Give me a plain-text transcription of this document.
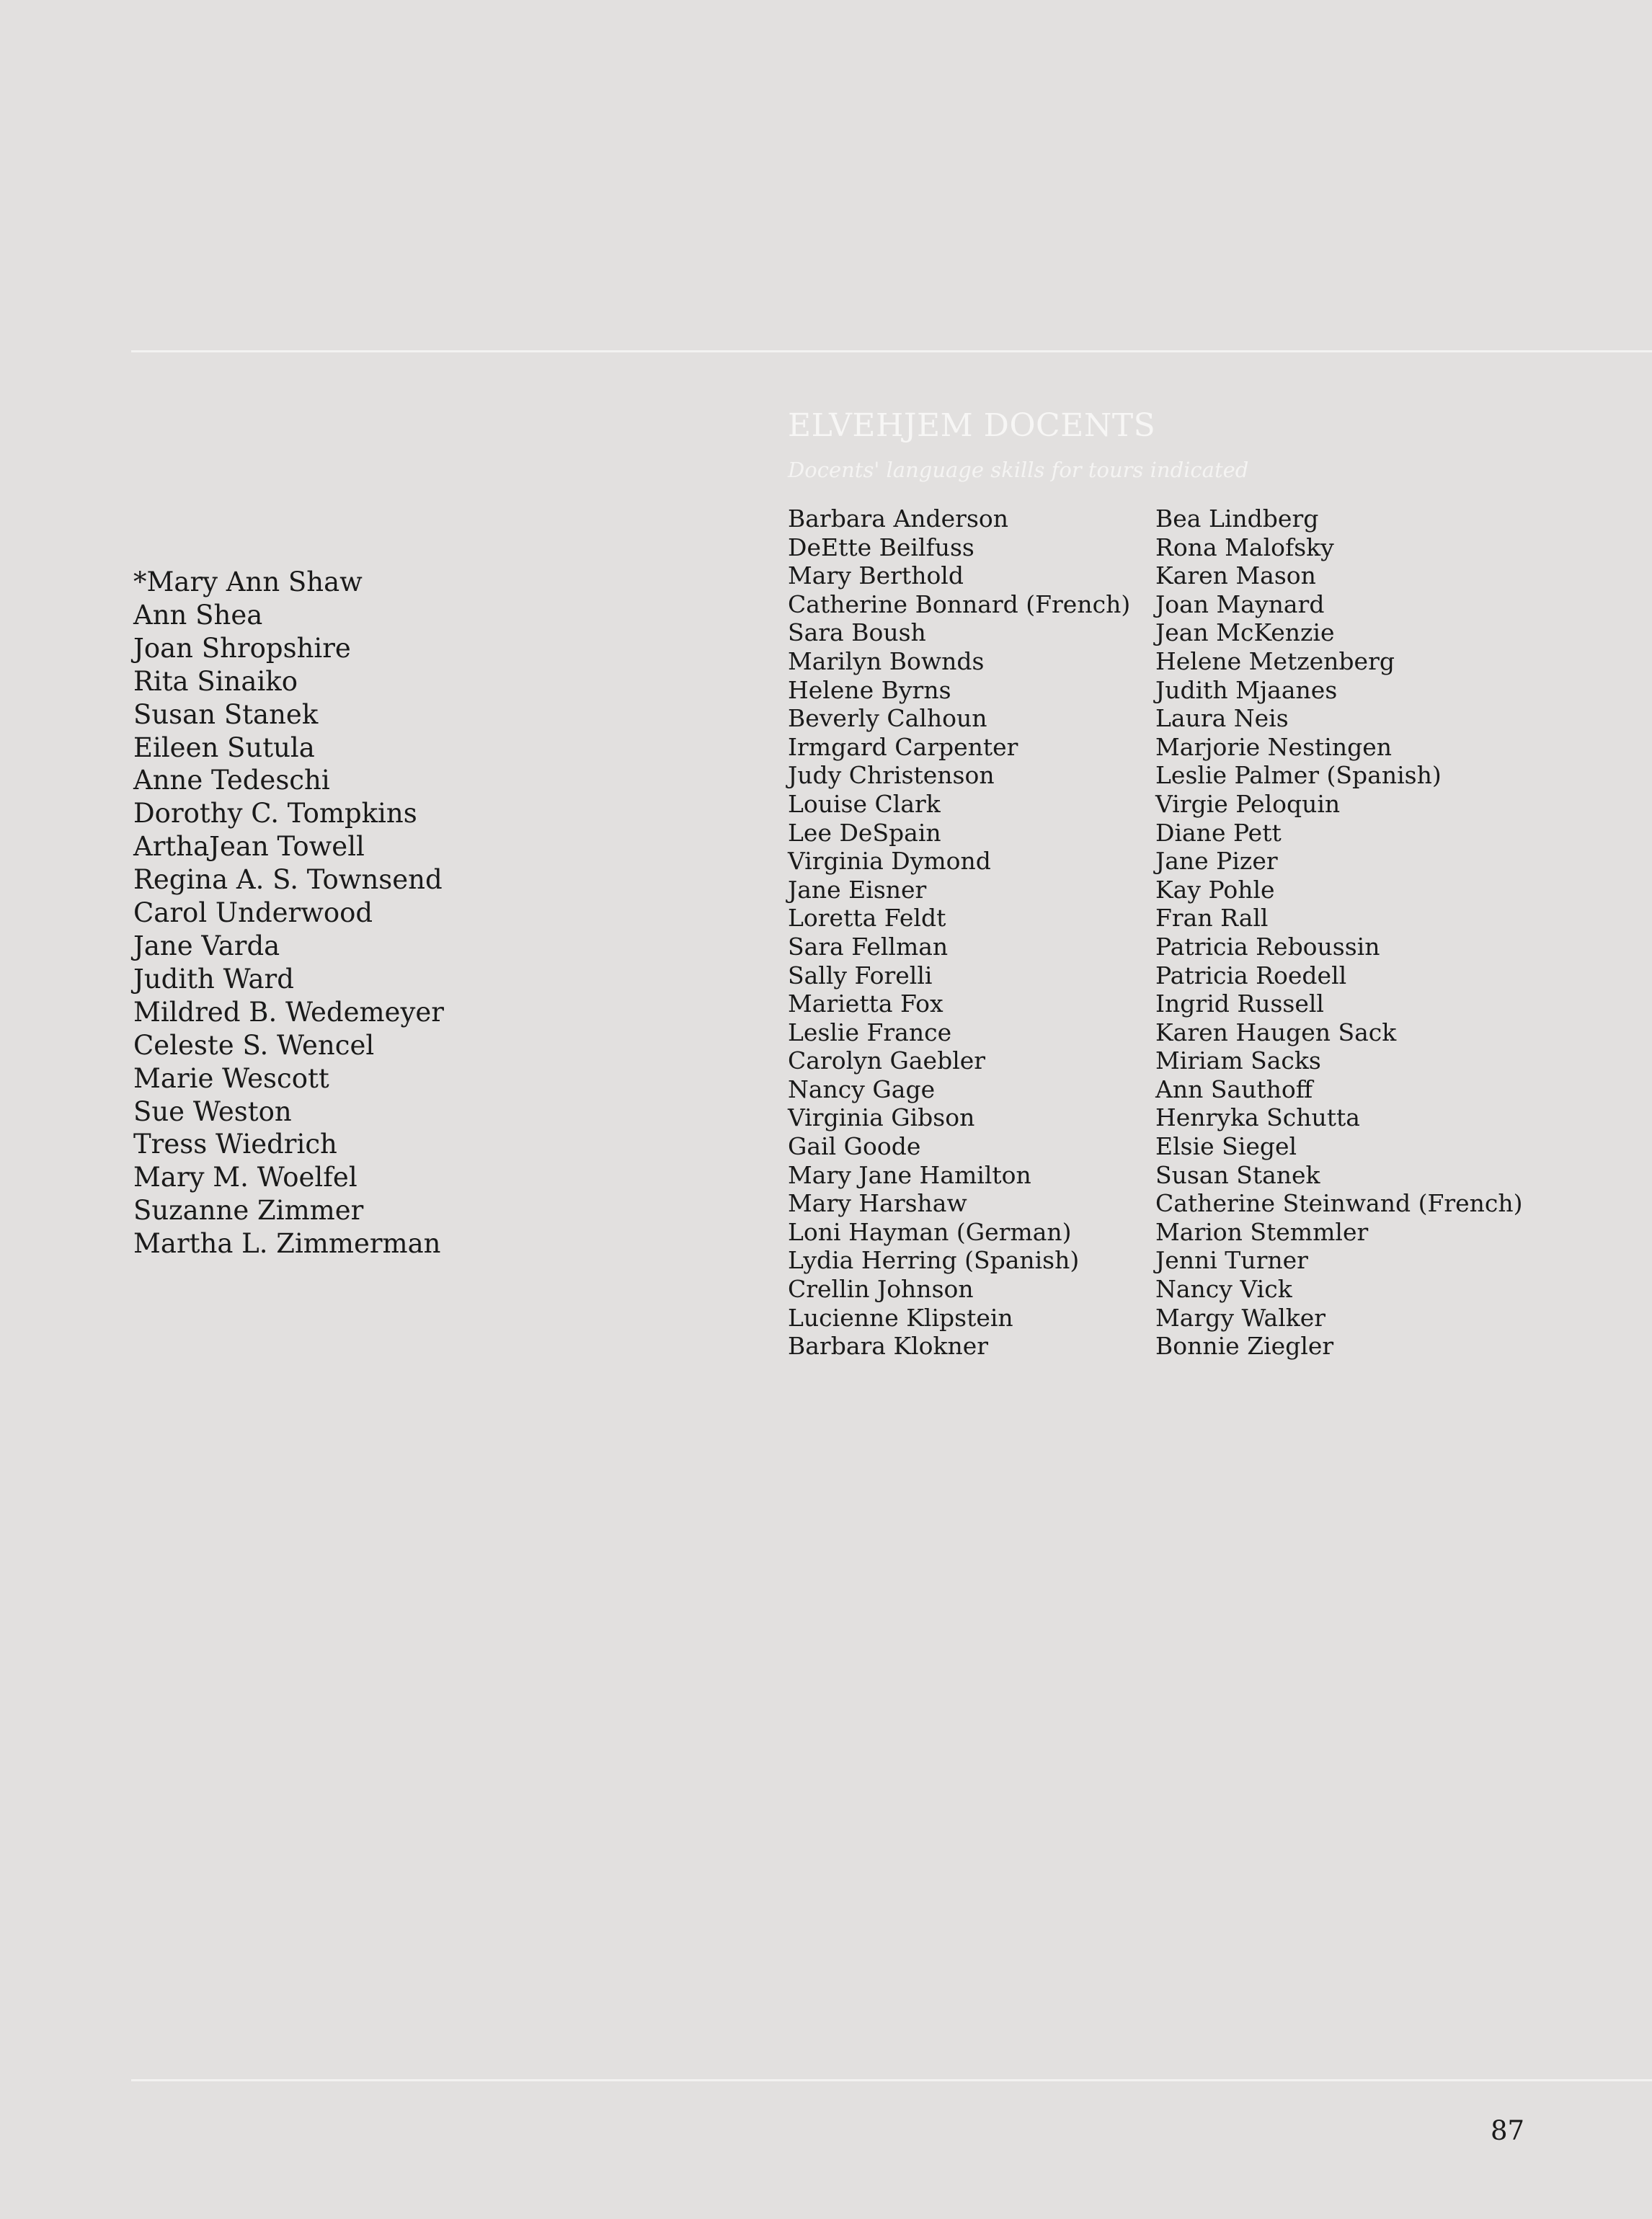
*Mary Ann Shaw
Ann Shea
Joan Shropshire
Rita Sinaiko
Susan Stanek
Eileen Sutula
Anne Tedeschi
Dorothy C. Tompkins
ArthaJean Towell
Regina A. S. Townsend
Carol Underwood
Jane Varda
Judith Ward
Mildred B. Wedemeyer
Celeste S. Wencel
Marie Wescott
Sue Weston
Tress Wiedrich
Mary M. Woelfel
Suzanne Zimmer
Martha L. Zimmerman
ELVEHJEM DOCENTS
Docents' language skills for tours indicated
Barbara Anderson
DeEtte Beilfuss
Mary Berthold
Catherine Bonnard (French)
Sara Boush
Marilyn Bownds
Helene Byrns
Beverly Calhoun
Irmgard Carpenter
Judy Christenson
Louise Clark
Lee DeSpain
Virginia Dymond
Jane Eisner
Loretta Feldt
Sara Fellman
Sally Forelli
Marietta Fox
Leslie France
Carolyn Gaebler
Nancy Gage
Virginia Gibson
Gail Goode
Mary Jane Hamilton
Mary Harshaw
Loni Hayman (German)
Lydia Herring (Spanish)
Crellin Johnson
Lucienne Klipstein
Barbara Klokner
Bea Lindberg
Rona Malofsky
Karen Mason
Joan Maynard
Jean McKenzie
Helene Metzenberg
Judith Mjaanes
Laura Neis
Marjorie Nestingen
Leslie Palmer (Spanish)
Virgie Peloquin
Diane Pett
Jane Pizer
Kay Pohle
Fran Rall
Patricia Reboussin
Patricia Roedell
Ingrid Russell
Karen Haugen Sack
Miriam Sacks
Ann Sauthoff
Henryka Schutta
Elsie Siegel
Susan Stanek
Catherine Steinwand (French)
Marion Stemmler
Jenni Turner
Nancy Vick
Margy Walker
Bonnie Ziegler
87
